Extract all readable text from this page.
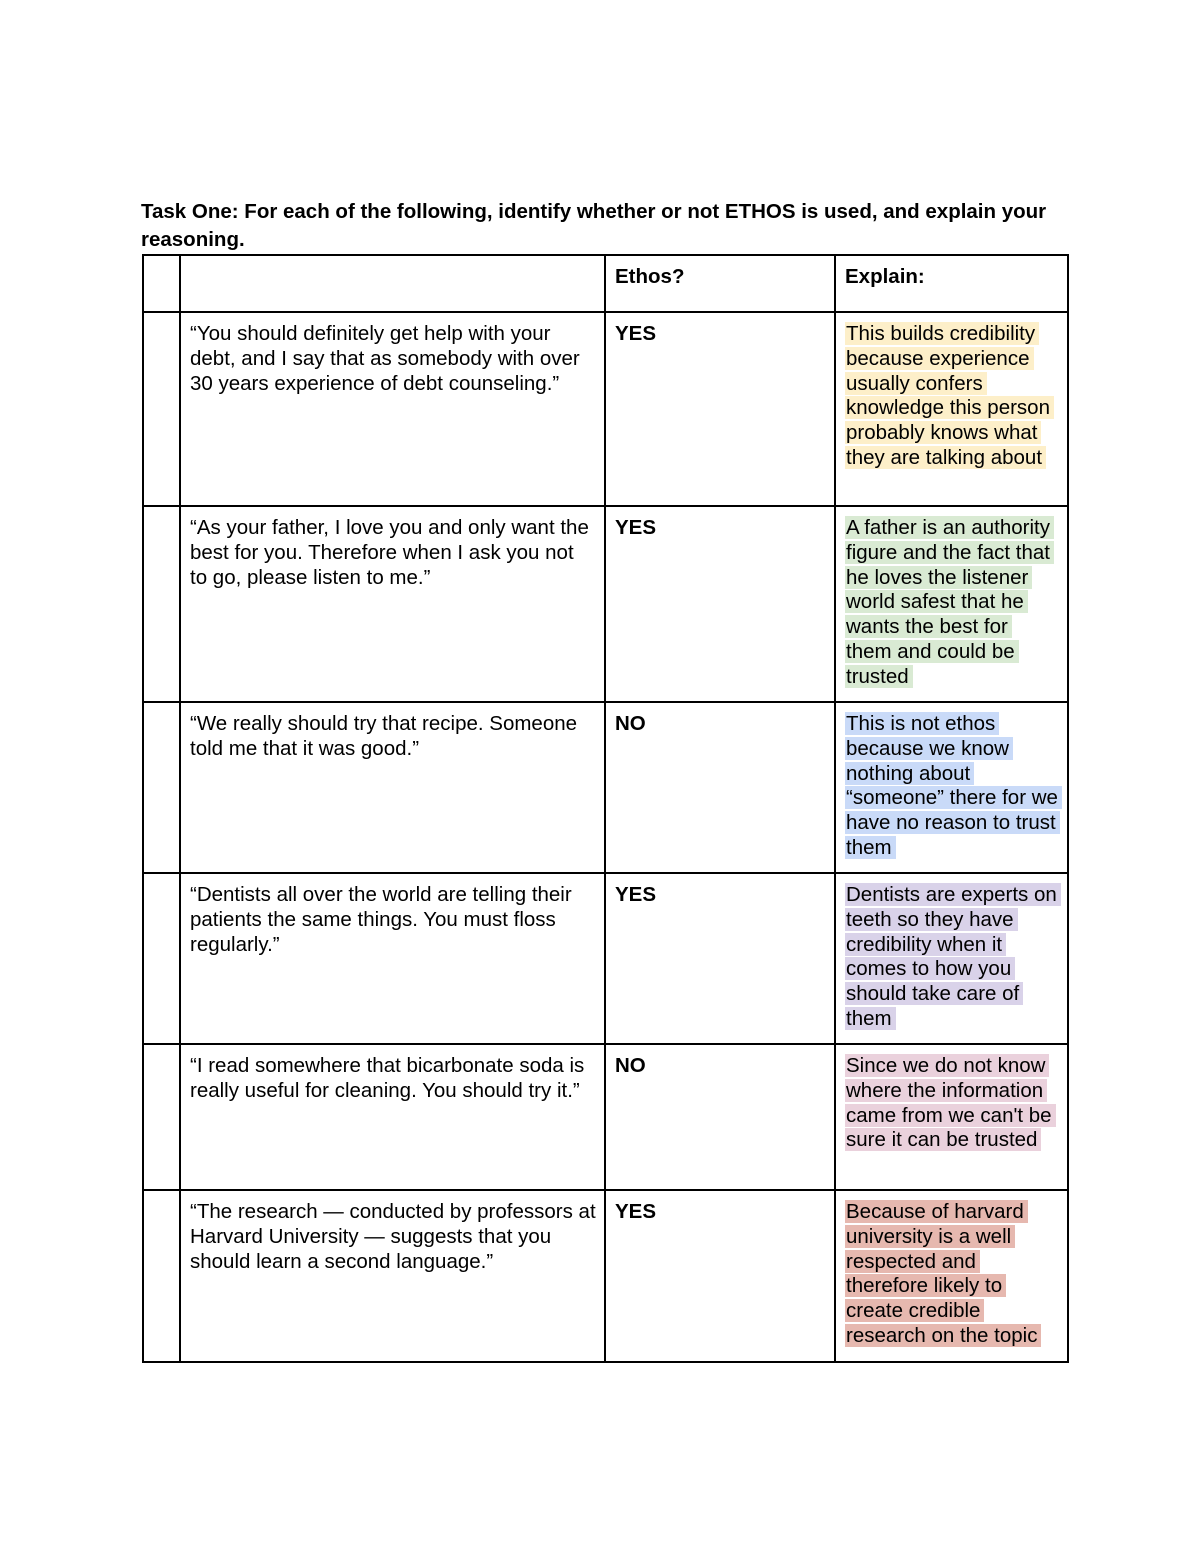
Task One: For each of the following, identify whether or not ETHOS is used, and explain your reasoning.

		Ethos?	Explain:
	“You should definitely get help with your debt, and I say that as somebody with over 30 years experience of debt counseling.”	YES	This builds credibility because experience usually confers knowledge this person probably knows what they are talking about
	“As your father, I love you and only want the best for you. Therefore when I ask you not to go, please listen to me.”	YES	A father is an authority figure and the fact that he loves the listener world safest that he wants the best for them and could be trusted
	“We really should try that recipe. Someone told me that it was good.”	NO	This is not ethos because we know nothing about “someone” there for we have no reason to trust them
	“Dentists all over the world are telling their patients the same things. You must floss regularly.”	YES	Dentists are experts on teeth so they have credibility when it comes to how you should take care of them
	“I read somewhere that bicarbonate soda is really useful for cleaning. You should try it.”	NO	Since we do not know where the information came from we can't be sure it can be trusted
	“The research — conducted by professors at Harvard University — suggests that you should learn a second language.”	YES	Because of harvard university is a well respected and therefore likely to create credible research on the topic
